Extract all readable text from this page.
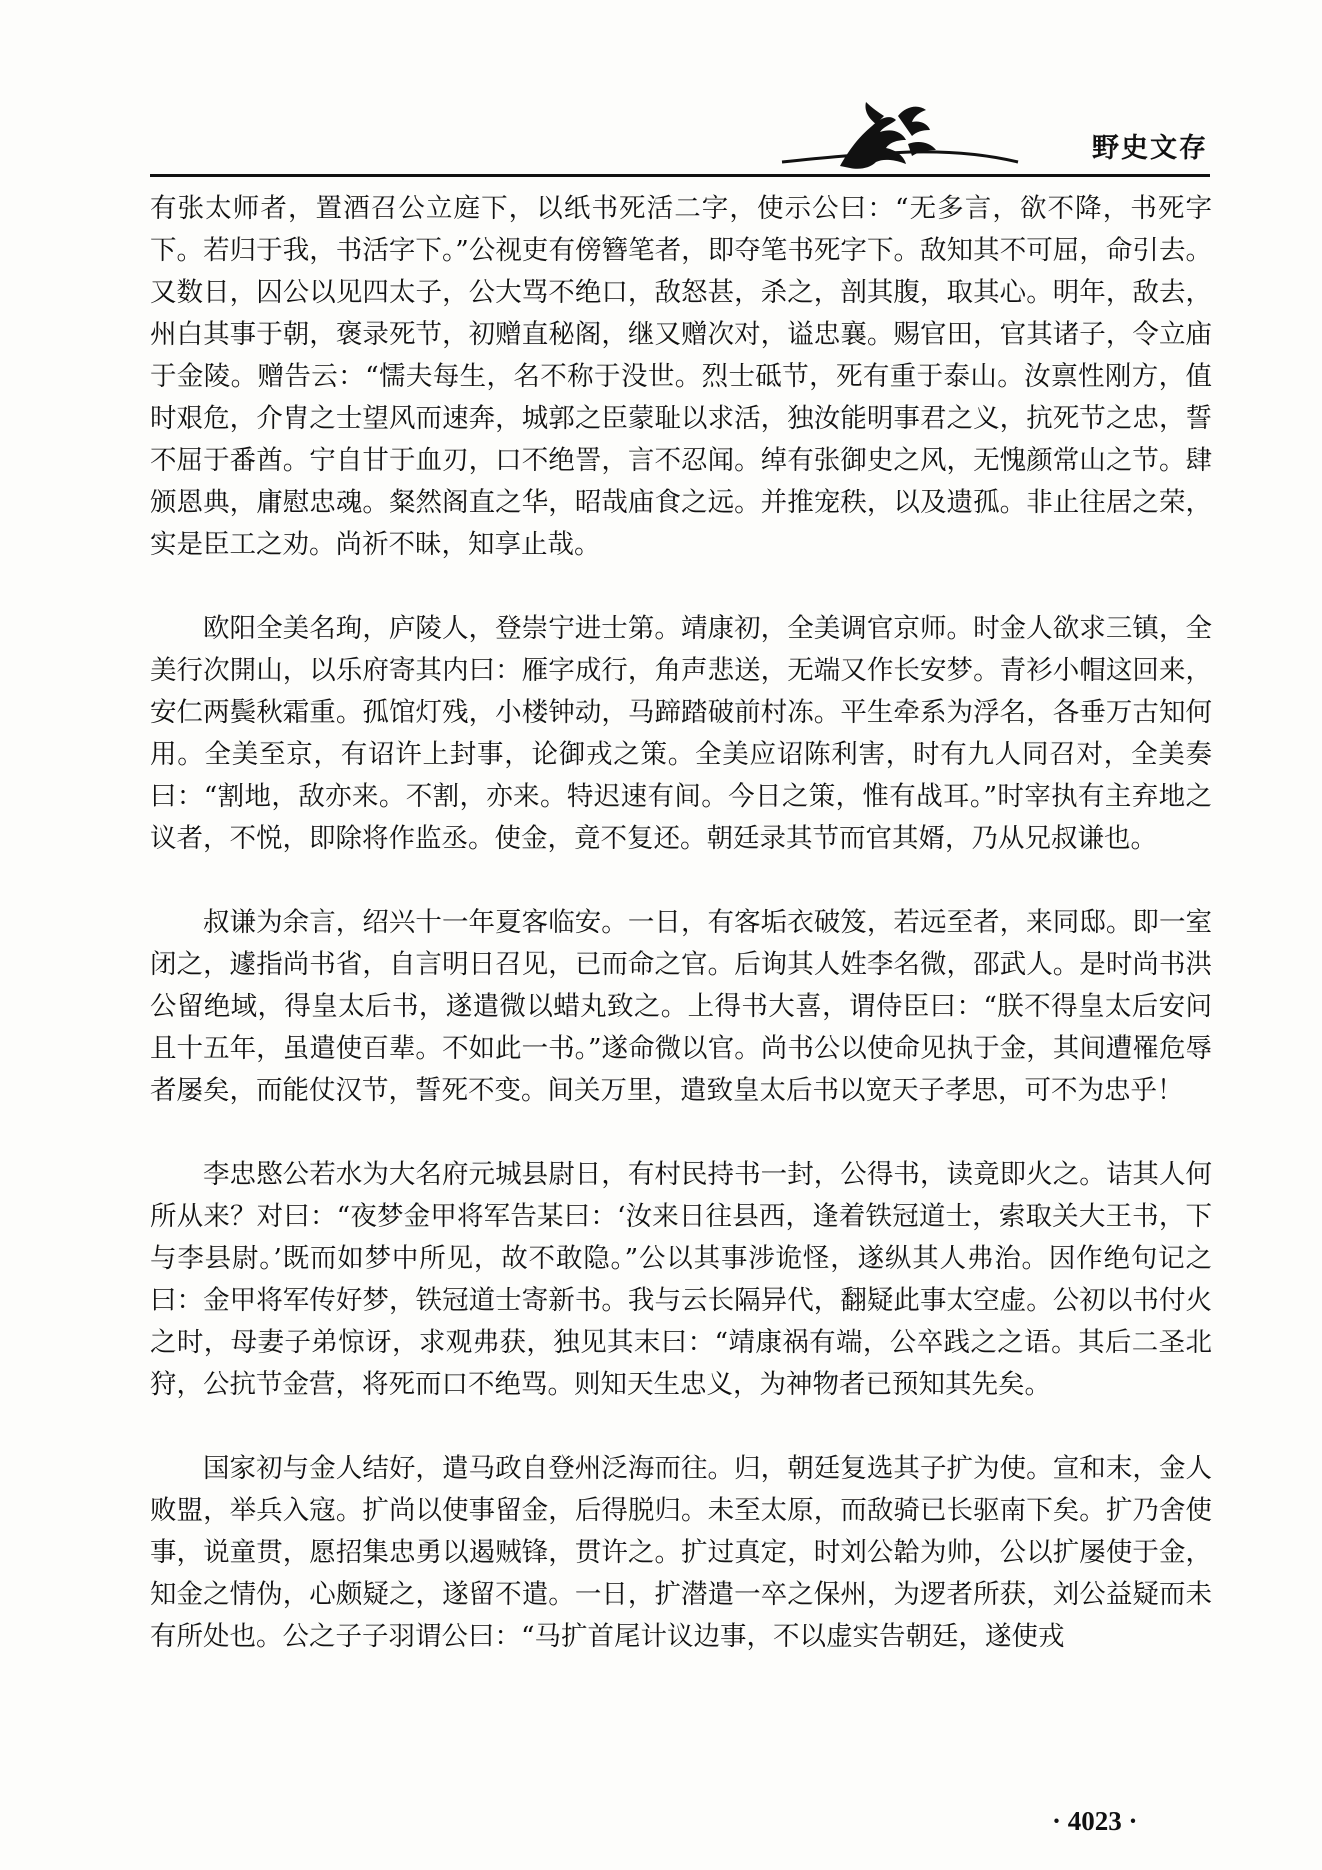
野史文存

有张太师者，置酒召公立庭下，以纸书死活二字，使示公曰：“无多言，欲不降，书死字下。若归于我，书活字下。”公视吏有傍簪笔者，即夺笔书死字下。敌知其不可屈，命引去。又数日，囚公以见四太子，公大骂不绝口，敌怒甚，杀之，剖其腹，取其心。明年，敌去，州白其事于朝，褒录死节，初赠直秘阁，继又赠次对，谥忠襄。赐官田，官其诸子，令立庙于金陵。赠告云：“懦夫每生，名不称于没世。烈士砥节，死有重于泰山。汝禀性刚方，值时艰危，介胄之士望风而速奔，城郭之臣蒙耻以求活，独汝能明事君之义，抗死节之忠，誓不屈于番酋。宁自甘于血刃，口不绝詈，言不忍闻。绰有张御史之风，无愧颜常山之节。肆颁恩典，庸慰忠魂。粲然阁直之华，昭哉庙食之远。并推宠秩，以及遗孤。非止往居之荣，实是臣工之劝。尚祈不昧，知享止哉。

欧阳全美名珣，庐陵人，登崇宁进士第。靖康初，全美调官京师。时金人欲求三镇，全美行次開山，以乐府寄其内曰：雁字成行，角声悲送，无端又作长安梦。青衫小帽这回来，安仁两鬓秋霜重。孤馆灯残，小楼钟动，马蹄踏破前村冻。平生牵系为浮名，各垂万古知何用。全美至京，有诏许上封事，论御戎之策。全美应诏陈利害，时有九人同召对，全美奏曰：“割地，敌亦来。不割，亦来。特迟速有间。今日之策，惟有战耳。”时宰执有主弃地之议者，不悦，即除将作监丞。使金，竟不复还。朝廷录其节而官其婿，乃从兄叔谦也。

叔谦为余言，绍兴十一年夏客临安。一日，有客垢衣破笈，若远至者，来同邸。即一室闭之，遽指尚书省，自言明日召见，已而命之官。后询其人姓李名微，邵武人。是时尚书洪公留绝域，得皇太后书，遂遣微以蜡丸致之。上得书大喜，谓侍臣曰：“朕不得皇太后安问且十五年，虽遣使百辈。不如此一书。”遂命微以官。尚书公以使命见执于金，其间遭罹危辱者屡矣，而能仗汉节，誓死不变。间关万里，遣致皇太后书以宽天子孝思，可不为忠乎！

李忠愍公若水为大名府元城县尉日，有村民持书一封，公得书，读竟即火之。诘其人何所从来？对曰：“夜梦金甲将军告某曰：‘汝来日往县西，逢着铁冠道士，索取关大王书，下与李县尉。’既而如梦中所见，故不敢隐。”公以其事涉诡怪，遂纵其人弗治。因作绝句记之曰：金甲将军传好梦，铁冠道士寄新书。我与云长隔异代，翻疑此事太空虚。公初以书付火之时，母妻子弟惊讶，求观弗获，独见其末曰：“靖康祸有端，公卒践之之语。其后二圣北狩，公抗节金营，将死而口不绝骂。则知天生忠义，为神物者已预知其先矣。

国家初与金人结好，遣马政自登州泛海而往。归，朝廷复选其子扩为使。宣和末，金人败盟，举兵入寇。扩尚以使事留金，后得脱归。未至太原，而敌骑已长驱南下矣。扩乃舍使事，说童贯，愿招集忠勇以遏贼锋，贯许之。扩过真定，时刘公韐为帅，公以扩屡使于金，知金之情伪，心颇疑之，遂留不遣。一日，扩潜遣一卒之保州，为逻者所获，刘公益疑而未有所处也。公之子子羽谓公曰：“马扩首尾计议边事，不以虚实告朝廷，遂使戎

· 4023 ·
